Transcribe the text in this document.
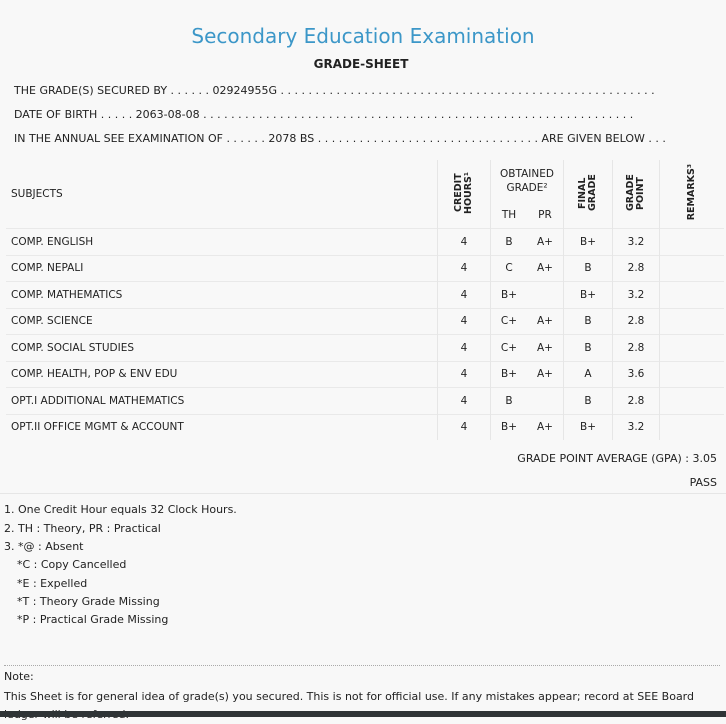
Secondary Education Examination
GRADE-SHEET
THE GRADE(S) SECURED BY . . . . . . 02924955G . . . . . . . . . . . . . . . . . . . . . . . . . . . . . . . . . . . . . . . . . . . . . . . . . . . . . .
DATE OF BIRTH . . . . . 2063-08-08 . . . . . . . . . . . . . . . . . . . . . . . . . . . . . . . . . . . . . . . . . . . . . . . . . . . . . . . . . . . . . .
IN THE ANNUAL SEE EXAMINATION OF . . . . . . 2078 BS . . . . . . . . . . . . . . . . . . . . . . . . . . . . . . . . ARE GIVEN BELOW . . .
SUBJECTS	CREDIT HOURS¹	OBTAINED GRADE²		FINAL GRADE	GRADE POINT	REMARKS³
		TH	PR			
COMP. ENGLISH	4	B	A+	B+	3.2	
COMP. NEPALI	4	C	A+	B	2.8	
COMP. MATHEMATICS	4	B+		B+	3.2	
COMP. SCIENCE	4	C+	A+	B	2.8	
COMP. SOCIAL STUDIES	4	C+	A+	B	2.8	
COMP. HEALTH, POP & ENV EDU	4	B+	A+	A	3.6	
OPT.I ADDITIONAL MATHEMATICS	4	B		B	2.8	
OPT.II OFFICE MGMT & ACCOUNT	4	B+	A+	B+	3.2	
GRADE POINT AVERAGE (GPA) : 3.05
PASS
1. One Credit Hour equals 32 Clock Hours.
2. TH : Theory, PR : Practical
3. *@ : Absent
*C : Copy Cancelled
*E : Expelled
*T : Theory Grade Missing
*P : Practical Grade Missing
Note:
This Sheet is for general idea of grade(s) you secured. This is not for official use. If any mistakes appear; record at SEE Board
